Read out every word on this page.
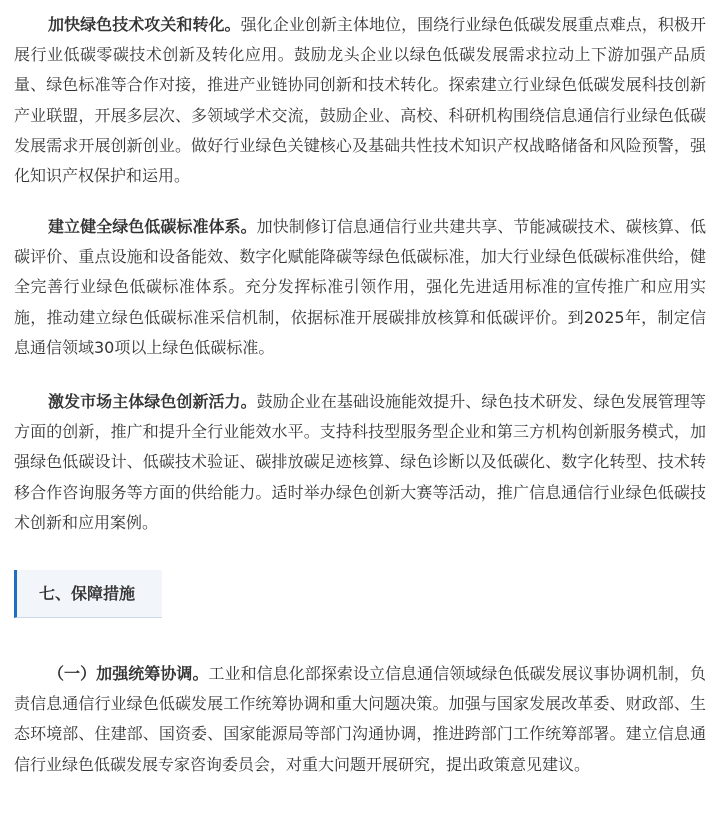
加快绿色技术攻关和转化。强化企业创新主体地位，围绕行业绿色低碳发展重点难点，积极开展行业低碳零碳技术创新及转化应用。鼓励龙头企业以绿色低碳发展需求拉动上下游加强产品质量、绿色标准等合作对接，推进产业链协同创新和技术转化。探索建立行业绿色低碳发展科技创新产业联盟，开展多层次、多领域学术交流，鼓励企业、高校、科研机构围绕信息通信行业绿色低碳发展需求开展创新创业。做好行业绿色关键核心及基础共性技术知识产权战略储备和风险预警，强化知识产权保护和运用。

建立健全绿色低碳标准体系。加快制修订信息通信行业共建共享、节能减碳技术、碳核算、低碳评价、重点设施和设备能效、数字化赋能降碳等绿色低碳标准，加大行业绿色低碳标准供给，健全完善行业绿色低碳标准体系。充分发挥标准引领作用，强化先进适用标准的宣传推广和应用实施，推动建立绿色低碳标准采信机制，依据标准开展碳排放核算和低碳评价。到2025年，制定信息通信领域30项以上绿色低碳标准。

激发市场主体绿色创新活力。鼓励企业在基础设施能效提升、绿色技术研发、绿色发展管理等方面的创新，推广和提升全行业能效水平。支持科技型服务型企业和第三方机构创新服务模式，加强绿色低碳设计、低碳技术验证、碳排放碳足迹核算、绿色诊断以及低碳化、数字化转型、技术转移合作咨询服务等方面的供给能力。适时举办绿色创新大赛等活动，推广信息通信行业绿色低碳技术创新和应用案例。

七、保障措施

（一）加强统筹协调。工业和信息化部探索设立信息通信领域绿色低碳发展议事协调机制，负责信息通信行业绿色低碳发展工作统筹协调和重大问题决策。加强与国家发展改革委、财政部、生态环境部、住建部、国资委、国家能源局等部门沟通协调，推进跨部门工作统筹部署。建立信息通信行业绿色低碳发展专家咨询委员会，对重大问题开展研究，提出政策意见建议。
